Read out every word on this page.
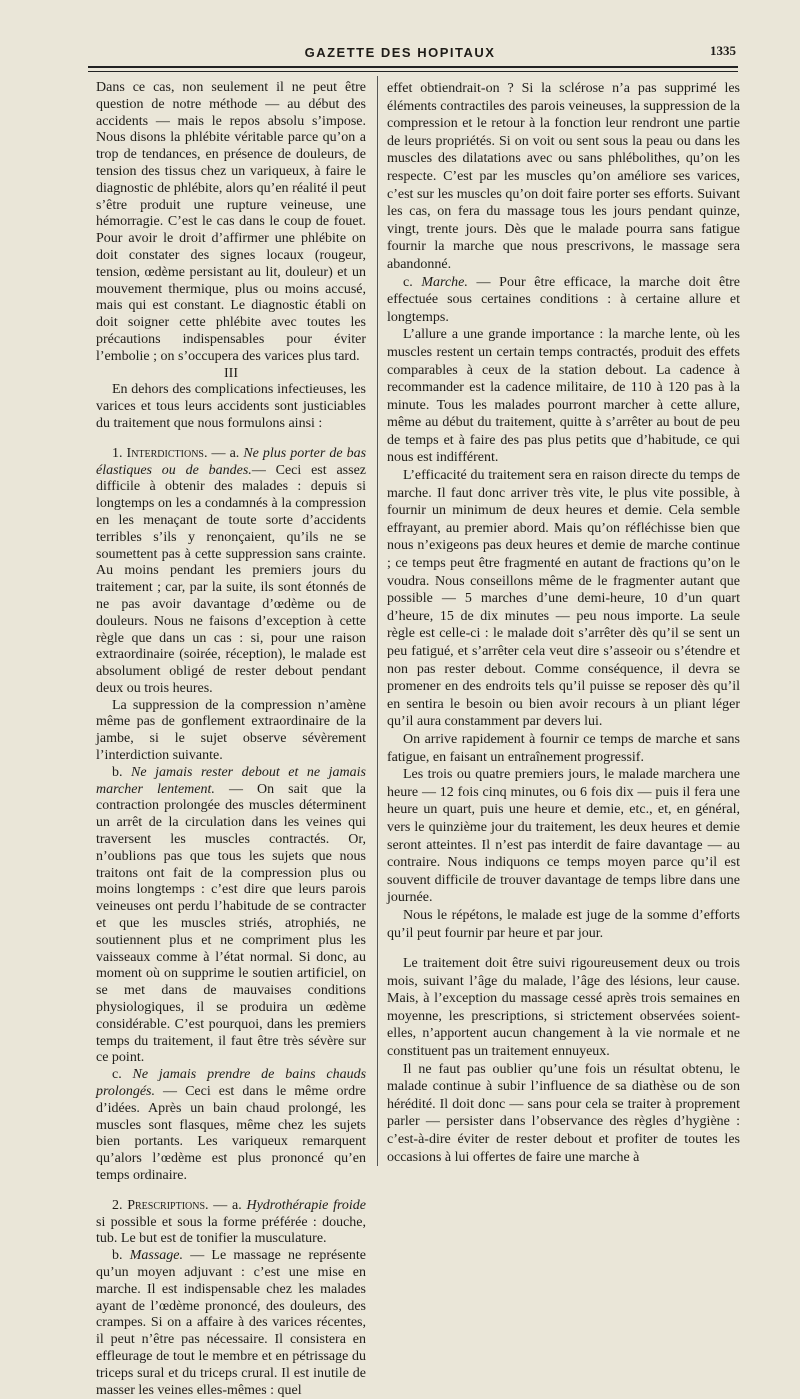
GAZETTE DES HOPITAUX	1335

Dans ce cas, non seulement il ne peut être question de notre méthode — au début des accidents — mais le repos absolu s’impose. Nous disons la phlébite véritable parce qu’on a trop de tendances, en présence de douleurs, de tension des tissus chez un variqueux, à faire le diagnostic de phlébite, alors qu’en réalité il peut s’être produit une rupture veineuse, une hémorragie. C’est le cas dans le coup de fouet. Pour avoir le droit d’affirmer une phlébite on doit constater des signes locaux (rougeur, tension, œdème persistant au lit, douleur) et un mouvement thermique, plus ou moins accusé, mais qui est constant. Le diagnostic établi on doit soigner cette phlébite avec toutes les précautions indispensables pour éviter l’embolie ; on s’occupera des varices plus tard.

III

En dehors des complications infectieuses, les varices et tous leurs accidents sont justiciables du traitement que nous formulons ainsi :

1. Interdictions. — a. Ne plus porter de bas élastiques ou de bandes.— Ceci est assez difficile à obtenir des malades : depuis si longtemps on les a condamnés à la compression en les menaçant de toute sorte d’accidents terribles s’ils y renonçaient, qu’ils ne se soumettent pas à cette suppression sans crainte. Au moins pendant les premiers jours du traitement ; car, par la suite, ils sont étonnés de ne pas avoir davantage d’œdème ou de douleurs. Nous ne faisons d’exception à cette règle que dans un cas : si, pour une raison extraordinaire (soirée, réception), le malade est absolument obligé de rester debout pendant deux ou trois heures.

La suppression de la compression n’amène même pas de gonflement extraordinaire de la jambe, si le sujet observe sévèrement l’interdiction suivante.

b. Ne jamais rester debout et ne jamais marcher lentement. — On sait que la contraction prolongée des muscles déterminent un arrêt de la circulation dans les veines qui traversent les muscles contractés. Or, n’oublions pas que tous les sujets que nous traitons ont fait de la compression plus ou moins longtemps : c’est dire que leurs parois veineuses ont perdu l’habitude de se contracter et que les muscles striés, atrophiés, ne soutiennent plus et ne compriment plus les vaisseaux comme à l’état normal. Si donc, au moment où on supprime le soutien artificiel, on se met dans de mauvaises conditions physiologiques, il se produira un œdème considérable. C’est pourquoi, dans les premiers temps du traitement, il faut être très sévère sur ce point.

c. Ne jamais prendre de bains chauds prolongés. — Ceci est dans le même ordre d’idées. Après un bain chaud prolongé, les muscles sont flasques, même chez les sujets bien portants. Les variqueux remarquent qu’alors l’œdème est plus prononcé qu’en temps ordinaire.

2. Prescriptions. — a. Hydrothérapie froide si possible et sous la forme préférée : douche, tub. Le but est de tonifier la musculature.

b. Massage. — Le massage ne représente qu’un moyen adjuvant : c’est une mise en marche. Il est indispensable chez les malades ayant de l’œdème prononcé, des douleurs, des crampes. Si on a affaire à des varices récentes, il peut n’être pas nécessaire. Il consistera en effleurage de tout le membre et en pétrissage du triceps sural et du triceps crural. Il est inutile de masser les veines elles-mêmes : quel

effet obtiendrait-on ? Si la sclérose n’a pas supprimé les éléments contractiles des parois veineuses, la suppression de la compression et le retour à la fonction leur rendront une partie de leurs propriétés. Si on voit ou sent sous la peau ou dans les muscles des dilatations avec ou sans phlébolithes, qu’on les respecte. C’est par les muscles qu’on améliore ses varices, c’est sur les muscles qu’on doit faire porter ses efforts. Suivant les cas, on fera du massage tous les jours pendant quinze, vingt, trente jours. Dès que le malade pourra sans fatigue fournir la marche que nous prescrivons, le massage sera abandonné.

c. Marche. — Pour être efficace, la marche doit être effectuée sous certaines conditions : à certaine allure et longtemps.

L’allure a une grande importance : la marche lente, où les muscles restent un certain temps contractés, produit des effets comparables à ceux de la station debout. La cadence à recommander est la cadence militaire, de 110 à 120 pas à la minute. Tous les malades pourront marcher à cette allure, même au début du traitement, quitte à s’arrêter au bout de peu de temps et à faire des pas plus petits que d’habitude, ce qui nous est indifférent.

L’efficacité du traitement sera en raison directe du temps de marche. Il faut donc arriver très vite, le plus vite possible, à fournir un minimum de deux heures et demie. Cela semble effrayant, au premier abord. Mais qu’on réfléchisse bien que nous n’exigeons pas deux heures et demie de marche continue ; ce temps peut être fragmenté en autant de fractions qu’on le voudra. Nous conseillons même de le fragmenter autant que possible — 5 marches d’une demi-heure, 10 d’un quart d’heure, 15 de dix minutes — peu nous importe. La seule règle est celle-ci : le malade doit s’arrêter dès qu’il se sent un peu fatigué, et s’arrêter cela veut dire s’asseoir ou s’étendre et non pas rester debout. Comme conséquence, il devra se promener en des endroits tels qu’il puisse se reposer dès qu’il en sentira le besoin ou bien avoir recours à un pliant léger qu’il aura constamment par devers lui.

On arrive rapidement à fournir ce temps de marche et sans fatigue, en faisant un entraînement progressif.

Les trois ou quatre premiers jours, le malade marchera une heure — 12 fois cinq minutes, ou 6 fois dix — puis il fera une heure un quart, puis une heure et demie, etc., et, en général, vers le quinzième jour du traitement, les deux heures et demie seront atteintes. Il n’est pas interdit de faire davantage — au contraire. Nous indiquons ce temps moyen parce qu’il est souvent difficile de trouver davantage de temps libre dans une journée.

Nous le répétons, le malade est juge de la somme d’efforts qu’il peut fournir par heure et par jour.

Le traitement doit être suivi rigoureusement deux ou trois mois, suivant l’âge du malade, l’âge des lésions, leur cause. Mais, à l’exception du massage cessé après trois semaines en moyenne, les prescriptions, si strictement observées soient-elles, n’apportent aucun changement à la vie normale et ne constituent pas un traitement ennuyeux.

Il ne faut pas oublier qu’une fois un résultat obtenu, le malade continue à subir l’influence de sa diathèse ou de son hérédité. Il doit donc — sans pour cela se traiter à proprement parler — persister dans l’observance des règles d’hygiène : c’est-à-dire éviter de rester debout et profiter de toutes les occasions à lui offertes de faire une marche à
